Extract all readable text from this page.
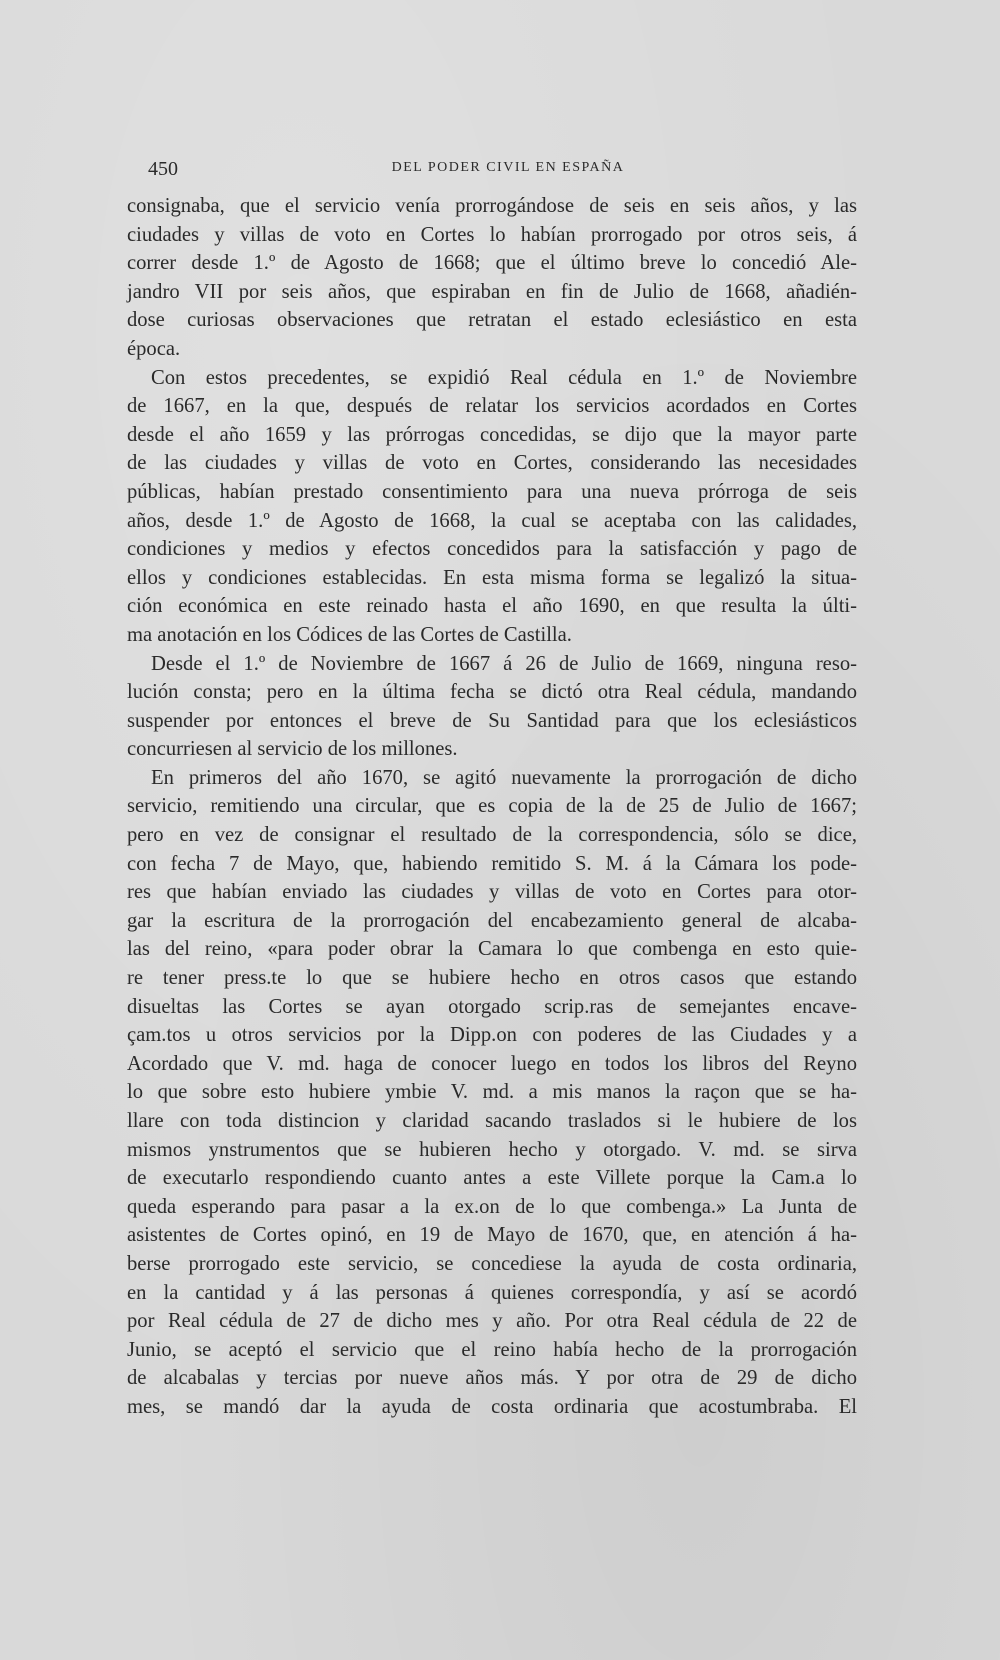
450	DEL PODER CIVIL EN ESPAÑA
consignaba, que el servicio venía prorrogándose de seis en seis años, y las
ciudades y villas de voto en Cortes lo habían prorrogado por otros seis, á
correr desde 1.º de Agosto de 1668; que el último breve lo concedió Ale-
jandro VII por seis años, que espiraban en fin de Julio de 1668, añadién-
dose curiosas observaciones que retratan el estado eclesiástico en esta
época.
Con estos precedentes, se expidió Real cédula en 1.º de Noviembre
de 1667, en la que, después de relatar los servicios acordados en Cortes
desde el año 1659 y las prórrogas concedidas, se dijo que la mayor parte
de las ciudades y villas de voto en Cortes, considerando las necesidades
públicas, habían prestado consentimiento para una nueva prórroga de seis
años, desde 1.º de Agosto de 1668, la cual se aceptaba con las calidades,
condiciones y medios y efectos concedidos para la satisfacción y pago de
ellos y condiciones establecidas. En esta misma forma se legalizó la situa-
ción económica en este reinado hasta el año 1690, en que resulta la últi-
ma anotación en los Códices de las Cortes de Castilla.
Desde el 1.º de Noviembre de 1667 á 26 de Julio de 1669, ninguna reso-
lución consta; pero en la última fecha se dictó otra Real cédula, mandando
suspender por entonces el breve de Su Santidad para que los eclesiásticos
concurriesen al servicio de los millones.
En primeros del año 1670, se agitó nuevamente la prorrogación de dicho
servicio, remitiendo una circular, que es copia de la de 25 de Julio de 1667;
pero en vez de consignar el resultado de la correspondencia, sólo se dice,
con fecha 7 de Mayo, que, habiendo remitido S. M. á la Cámara los pode-
res que habían enviado las ciudades y villas de voto en Cortes para otor-
gar la escritura de la prorrogación del encabezamiento general de alcaba-
las del reino, «para poder obrar la Camara lo que combenga en esto quie-
re tener press.te lo que se hubiere hecho en otros casos que estando
disueltas las Cortes se ayan otorgado scrip.ras de semejantes encave-
çam.tos u otros servicios por la Dipp.on con poderes de las Ciudades y a
Acordado que V. md. haga de conocer luego en todos los libros del Reyno
lo que sobre esto hubiere ymbie V. md. a mis manos la raçon que se ha-
llare con toda distincion y claridad sacando traslados si le hubiere de los
mismos ynstrumentos que se hubieren hecho y otorgado. V. md. se sirva
de executarlo respondiendo cuanto antes a este Villete porque la Cam.a lo
queda esperando para pasar a la ex.on de lo que combenga.» La Junta de
asistentes de Cortes opinó, en 19 de Mayo de 1670, que, en atención á ha-
berse prorrogado este servicio, se concediese la ayuda de costa ordinaria,
en la cantidad y á las personas á quienes correspondía, y así se acordó
por Real cédula de 27 de dicho mes y año. Por otra Real cédula de 22 de
Junio, se aceptó el servicio que el reino había hecho de la prorrogación
de alcabalas y tercias por nueve años más. Y por otra de 29 de dicho
mes, se mandó dar la ayuda de costa ordinaria que acostumbraba. El
